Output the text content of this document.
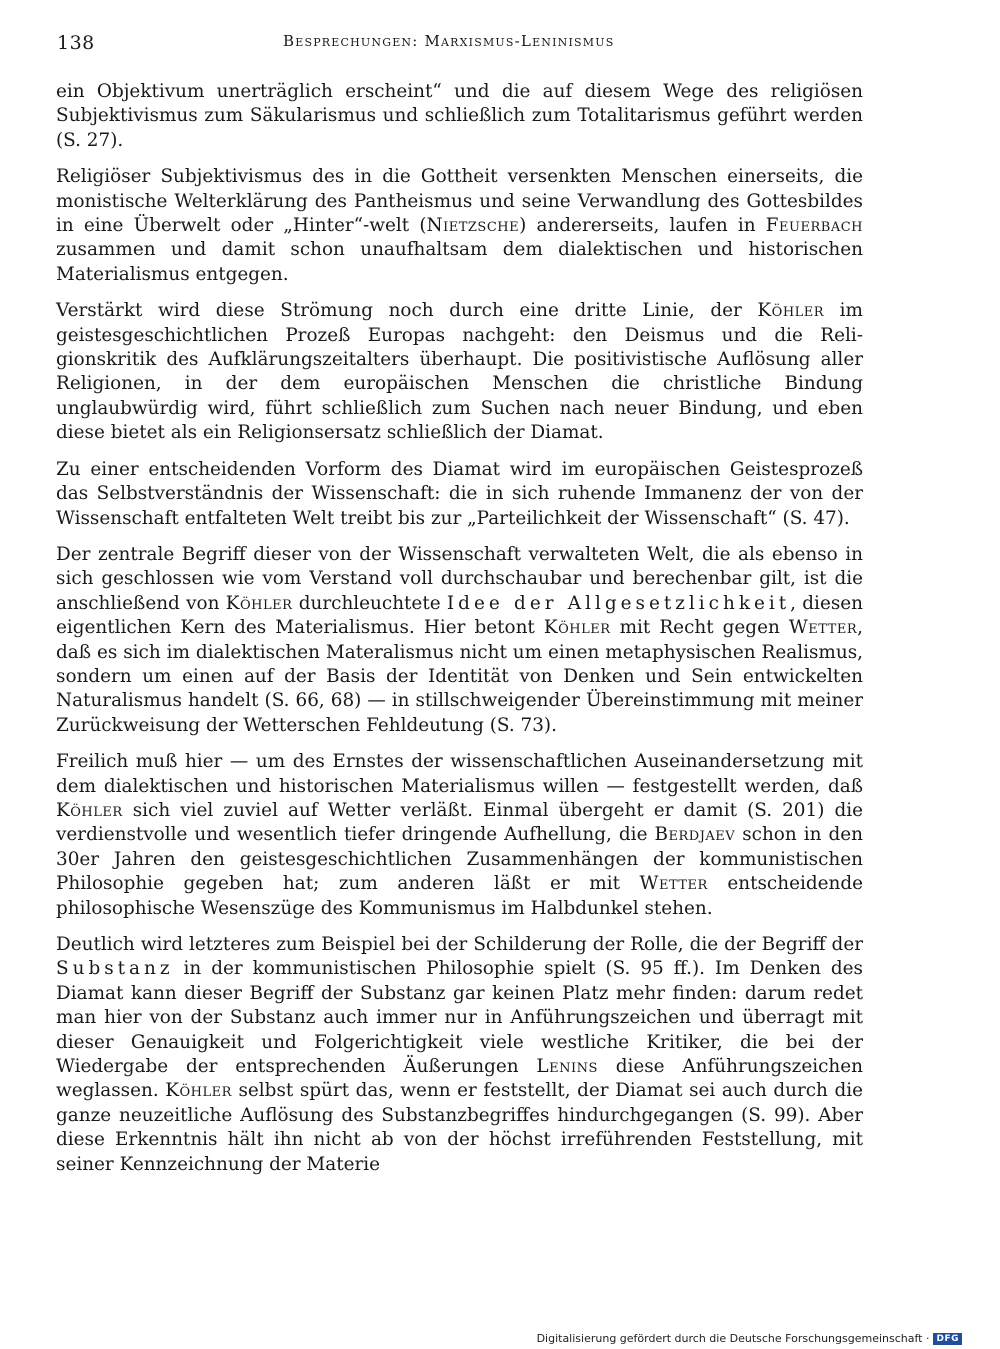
138	Besprechungen: Marxismus-Leninismus

ein Objektivum unerträglich erscheint“ und die auf diesem Wege des religiösen Subjektivismus zum Säkularismus und schließlich zum Totalitarismus geführt werden (S. 27).

Religiöser Subjektivismus des in die Gottheit versenkten Menschen einerseits, die monistische Welterklärung des Pantheismus und seine Verwandlung des Gottesbildes in eine Überwelt oder „Hinter“-welt (Nietzsche) andererseits, laufen in Feuerbach zusammen und damit schon unaufhaltsam dem dialektischen und historischen Materialismus entgegen.

Verstärkt wird diese Strömung noch durch eine dritte Linie, der Köhler im geistesgeschichtlichen Prozeß Europas nachgeht: den Deismus und die Religionskritik des Aufklärungszeitalters überhaupt. Die positivistische Auflösung aller Religionen, in der dem europäischen Menschen die christliche Bindung unglaubwürdig wird, führt schließlich zum Suchen nach neuer Bindung, und eben diese bietet als ein Religionsersatz schließlich der Diamat.

Zu einer entscheidenden Vorform des Diamat wird im europäischen Geistesprozeß das Selbstverständnis der Wissenschaft: die in sich ruhende Immanenz der von der Wissenschaft entfalteten Welt treibt bis zur „Parteilichkeit der Wissenschaft“ (S. 47).

Der zentrale Begriff dieser von der Wissenschaft verwalteten Welt, die als ebenso in sich geschlossen wie vom Verstand voll durchschaubar und berechenbar gilt, ist die anschließend von Köhler durchleuchtete Idee der Allgesetzlichkeit, diesen eigentlichen Kern des Materialismus. Hier betont Köhler mit Recht gegen Wetter, daß es sich im dialektischen Materalismus nicht um einen metaphysischen Realismus, sondern um einen auf der Basis der Identität von Denken und Sein entwickelten Naturalismus handelt (S. 66, 68) — in stillschweigender Übereinstimmung mit meiner Zurückweisung der Wetterschen Fehldeutung (S. 73).

Freilich muß hier — um des Ernstes der wissenschaftlichen Auseinandersetzung mit dem dialektischen und historischen Materialismus willen — festgestellt werden, daß Köhler sich viel zuviel auf Wetter verläßt. Einmal übergeht er damit (S. 201) die verdienstvolle und wesentlich tiefer dringende Aufhellung, die Berdjaev schon in den 30er Jahren den geistesgeschichtlichen Zusammenhängen der kommunistischen Philosophie gegeben hat; zum anderen läßt er mit Wetter entscheidende philosophische Wesenszüge des Kommunismus im Halbdunkel stehen.

Deutlich wird letzteres zum Beispiel bei der Schilderung der Rolle, die der Begriff der Substanz in der kommunistischen Philosophie spielt (S. 95 ff.). Im Denken des Diamat kann dieser Begriff der Substanz gar keinen Platz mehr finden: darum redet man hier von der Substanz auch immer nur in Anführungszeichen und überragt mit dieser Genauigkeit und Folgerichtigkeit viele westliche Kritiker, die bei der Wiedergabe der entsprechenden Äußerungen Lenins diese Anführungszeichen weglassen. Köhler selbst spürt das, wenn er feststellt, der Diamat sei auch durch die ganze neuzeitliche Auflösung des Substanzbegriffes hindurchgegangen (S. 99). Aber diese Erkenntnis hält ihn nicht ab von der höchst irreführenden Feststellung, mit seiner Kennzeichnung der Materie

Digitalisierung gefördert durch die Deutsche Forschungsgemeinschaft · DFG
